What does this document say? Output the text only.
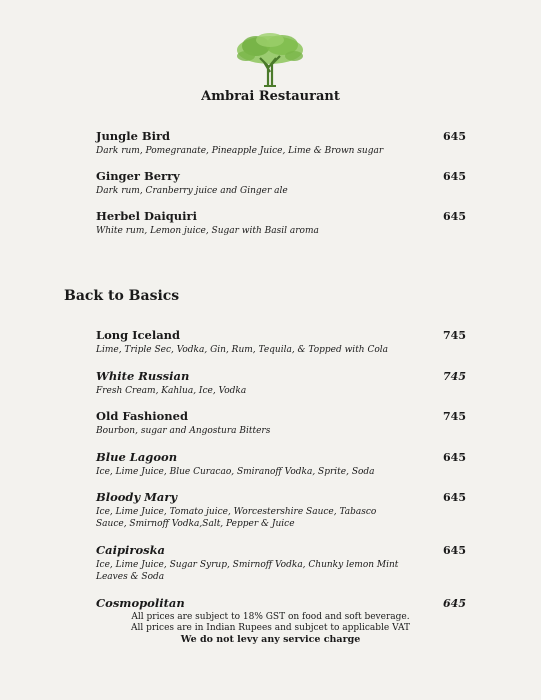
Ambrai Restaurant
Jungle Bird
Dark rum, Pomegranate, Pineapple Juice, Lime & Brown sugar
645
Ginger Berry
Dark rum, Cranberry juice and Ginger ale
645
Herbel Daiquiri
White rum, Lemon juice, Sugar with Basil aroma
645
Back to Basics
Long Iceland
Lime, Triple Sec, Vodka, Gin, Rum, Tequila, & Topped with Cola
745
White Russian
Fresh Cream, Kahlua, Ice, Vodka
745
Old Fashioned
Bourbon, sugar and Angostura Bitters
745
Blue Lagoon
Ice, Lime Juice, Blue Curacao, Smiranoff Vodka, Sprite, Soda
645
Bloody Mary
Ice, Lime Juice, Tomato juice, Worcestershire Sauce, Tabasco Sauce, Smirnoff Vodka,Salt, Pepper & Juice
645
Caipiroska
Ice, Lime Juice, Sugar Syrup, Smirnoff Vodka, Chunky lemon Mint Leaves & Soda
645
Cosmopolitan	645
All prices are subject to 18% GST on food and soft beverage.
All prices are in Indian Rupees and subjcet to applicable VAT
We do not levy any service charge
